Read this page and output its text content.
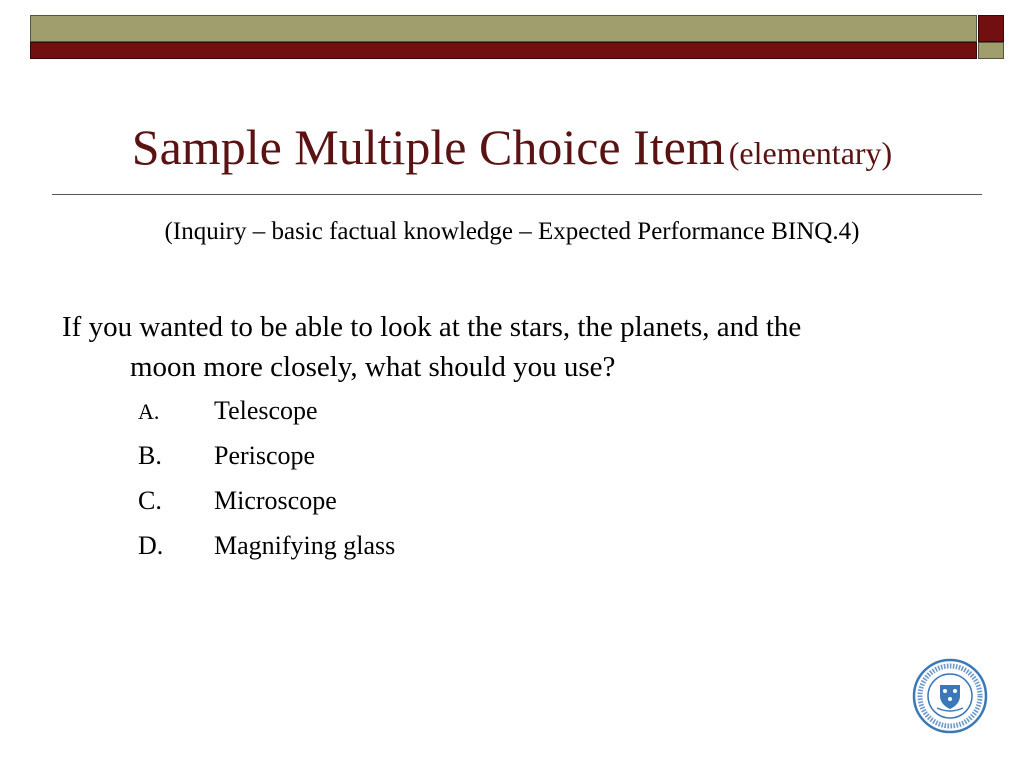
Sample Multiple Choice Item (elementary)
(Inquiry – basic factual knowledge – Expected Performance BINQ.4)
If you wanted to be able to look at the stars, the planets, and the
moon more closely, what should you use?
A. Telescope
B. Periscope
C. Microscope
D. Magnifying glass
